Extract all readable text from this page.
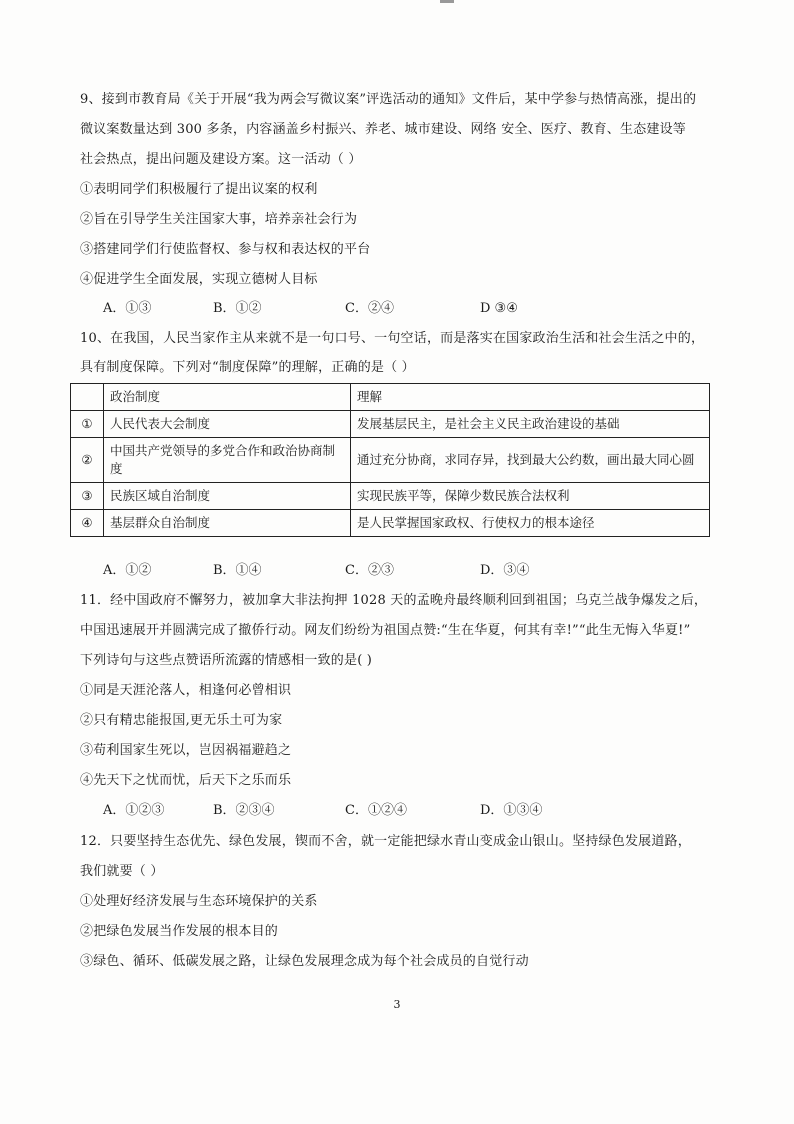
9、接到市教育局《关于开展“我为两会写微议案”评选活动的通知》文件后，某中学参与热情高涨，提出的
微议案数量达到 300 多条，内容涵盖乡村振兴、养老、城市建设、网络 安全、医疗、教育、生态建设等
社会热点，提出问题及建设方案。这一活动（ ）
①表明同学们积极履行了提出议案的权利
②旨在引导学生关注国家大事，培养亲社会行为
③搭建同学们行使监督权、参与权和表达权的平台
④促进学生全面发展，实现立德树人目标
A．①③	B．①②	C．②④	D ③④
10、在我国，人民当家作主从来就不是一句口号、一句空话，而是落实在国家政治生活和社会生活之中的，
具有制度保障。下列对“制度保障”的理解，正确的是（ ）
	政治制度	理解
①	人民代表大会制度	发展基层民主，是社会主义民主政治建设的基础
②	中国共产党领导的多党合作和政治协商制度	通过充分协商，求同存异，找到最大公约数，画出最大同心圆
③	民族区域自治制度	实现民族平等，保障少数民族合法权利
④	基层群众自治制度	是人民掌握国家政权、行使权力的根本途径
A．①②	B．①④	C．②③	D．③④
11．经中国政府不懈努力，被加拿大非法拘押 1028 天的孟晚舟最终顺利回到祖国；乌克兰战争爆发之后，
中国迅速展开并圆满完成了撤侨行动。网友们纷纷为祖国点赞:“生在华夏，何其有幸!”“此生无悔入华夏!”
下列诗句与这些点赞语所流露的情感相一致的是( )
①同是天涯沦落人，相逢何必曾相识
②只有精忠能报国,更无乐土可为家
③苟利国家生死以，岂因祸福避趋之
④先天下之忧而忧，后天下之乐而乐
A．①②③	B．②③④	C．①②④	D．①③④
12．只要坚持生态优先、绿色发展，锲而不舍，就一定能把绿水青山变成金山银山。坚持绿色发展道路，
我们就要（ ）
①处理好经济发展与生态环境保护的关系
②把绿色发展当作发展的根本目的
③绿色、循环、低碳发展之路，让绿色发展理念成为每个社会成员的自觉行动
3
